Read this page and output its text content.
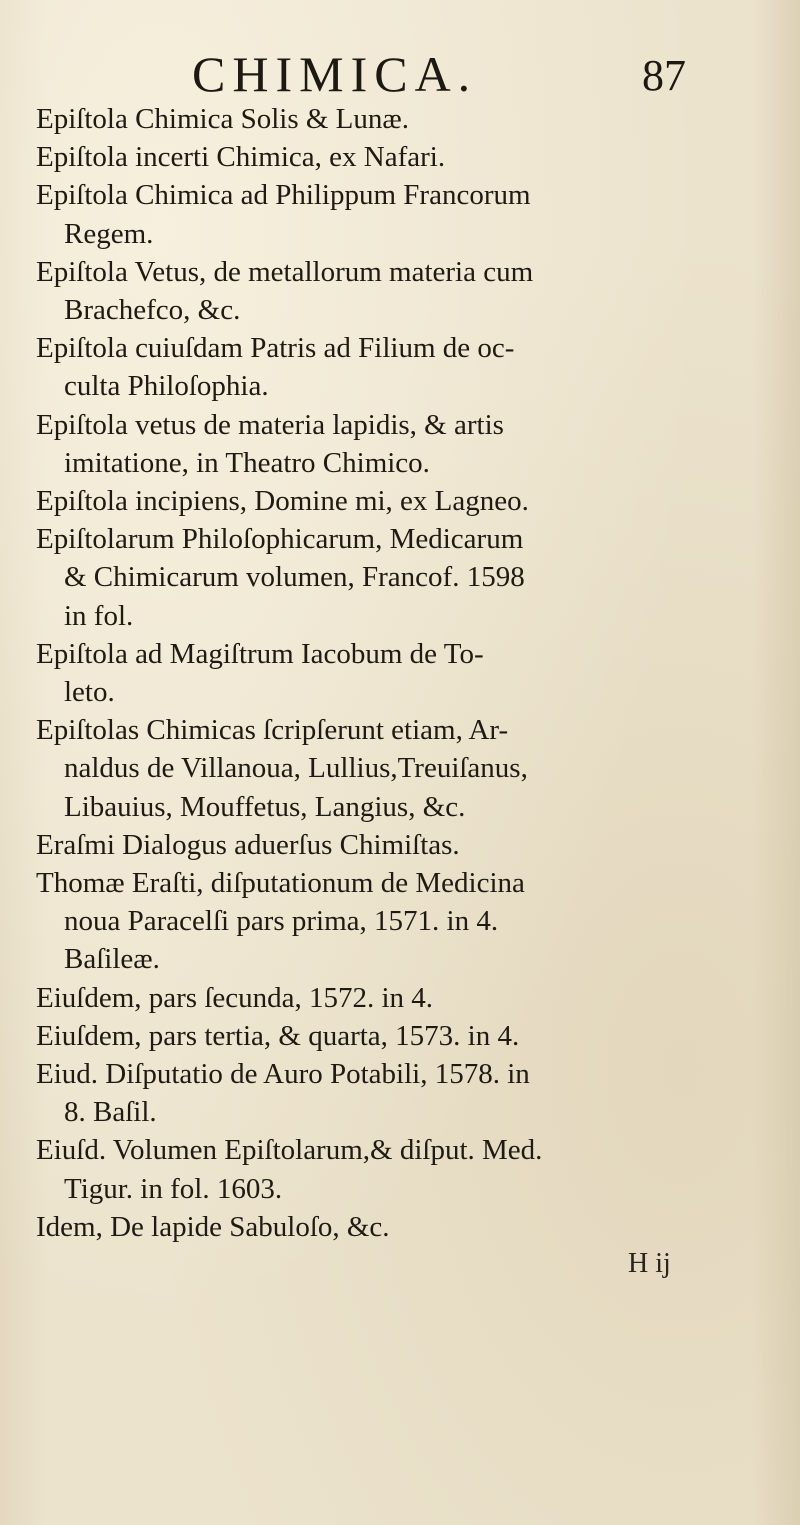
CHIMICA.	87
Epiſtola Chimica Solis & Lunæ.
Epiſtola incerti Chimica, ex Nafari.
Epiſtola Chimica ad Philippum Francorum
Regem.
Epiſtola Vetus, de metallorum materia cum
Brachefco, &c.
Epiſtola cuiuſdam Patris ad Filium de oc-
culta Philoſophia.
Epiſtola vetus de materia lapidis, & artis
imitatione, in Theatro Chimico.
Epiſtola incipiens, Domine mi, ex Lagneo.
Epiſtolarum Philoſophicarum, Medicarum
& Chimicarum volumen, Francof. 1598
in fol.
Epiſtola ad Magiſtrum Iacobum de To-
leto.
Epiſtolas Chimicas ſcripſerunt etiam, Ar-
naldus de Villanoua, Lullius,Treuiſanus,
Libauius, Mouffetus, Langius, &c.
Eraſmi Dialogus aduerſus Chimiſtas.
Thomæ Eraſti, diſputationum de Medicina
noua Paracelſi pars prima, 1571. in 4.
Baſileæ.
Eiuſdem, pars ſecunda, 1572. in 4.
Eiuſdem, pars tertia, & quarta, 1573. in 4.
Eiud. Diſputatio de Auro Potabili, 1578. in
8. Baſil.
Eiuſd. Volumen Epiſtolarum,& diſput. Med.
Tigur. in fol. 1603.
Idem, De lapide Sabuloſo, &c.
H ij
